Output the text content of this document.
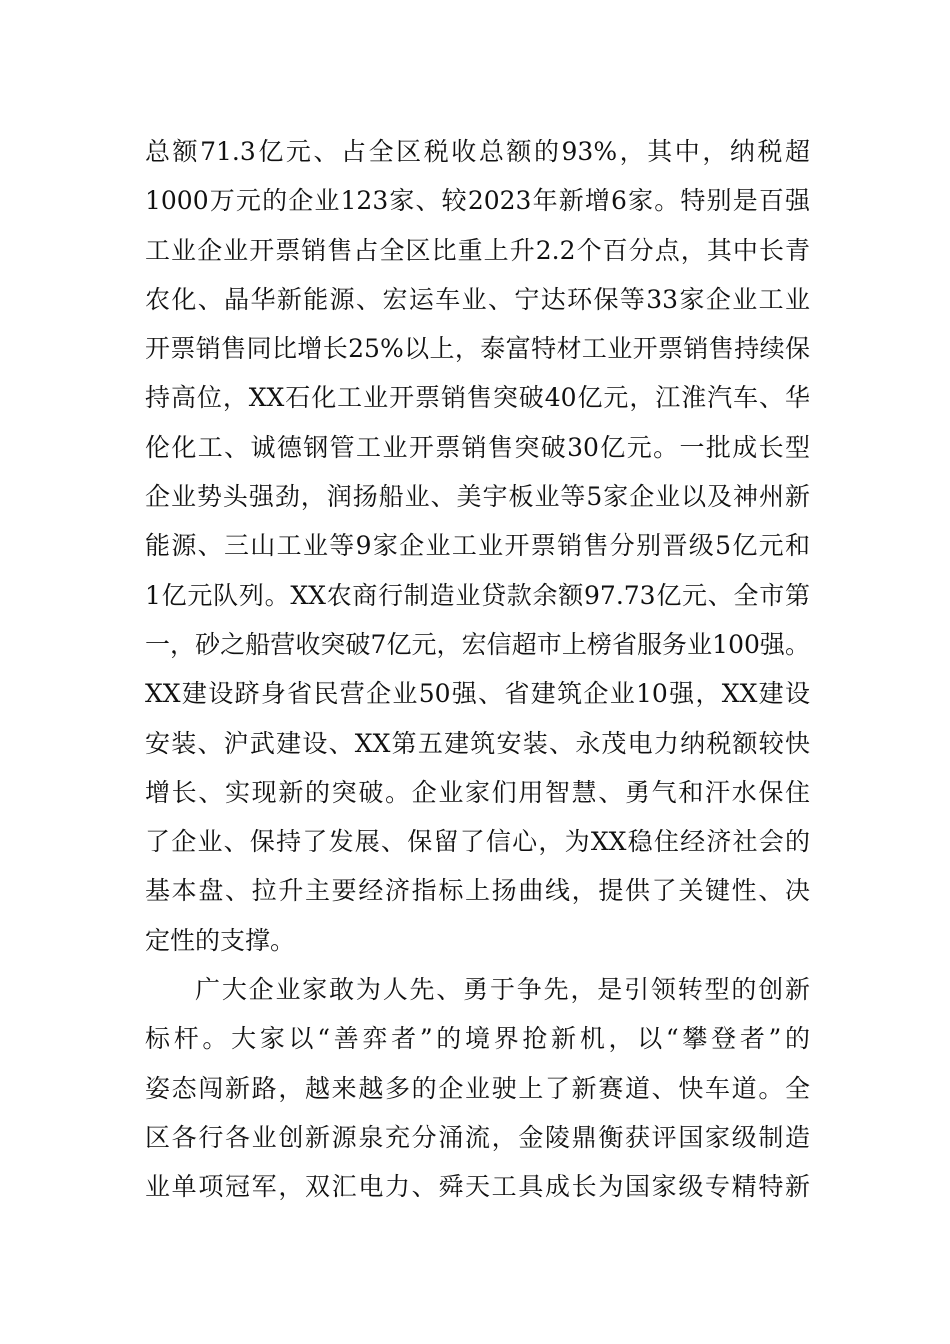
总额71.3亿元、占全区税收总额的93%，其中，纳税超
1000万元的企业123家、较2023年新增6家。特别是百强
工业企业开票销售占全区比重上升2.2个百分点，其中长青
农化、晶华新能源、宏运车业、宁达环保等33家企业工业
开票销售同比增长25%以上，泰富特材工业开票销售持续保
持高位，XX石化工业开票销售突破40亿元，江淮汽车、华
伦化工、诚德钢管工业开票销售突破30亿元。一批成长型
企业势头强劲，润扬船业、美宇板业等5家企业以及神州新
能源、三山工业等9家企业工业开票销售分别晋级5亿元和
1亿元队列。XX农商行制造业贷款余额97.73亿元、全市第
一，砂之船营收突破7亿元，宏信超市上榜省服务业100强。
XX建设跻身省民营企业50强、省建筑企业10强，XX建设
安装、沪武建设、XX第五建筑安装、永茂电力纳税额较快
增长、实现新的突破。企业家们用智慧、勇气和汗水保住
了企业、保持了发展、保留了信心，为XX稳住经济社会的
基本盘、拉升主要经济指标上扬曲线，提供了关键性、决
定性的支撑。
广大企业家敢为人先、勇于争先，是引领转型的创新
标杆。大家以“善弈者”的境界抢新机，以“攀登者”的
姿态闯新路，越来越多的企业驶上了新赛道、快车道。全
区各行各业创新源泉充分涌流，金陵鼎衡获评国家级制造
业单项冠军，双汇电力、舜天工具成长为国家级专精特新
